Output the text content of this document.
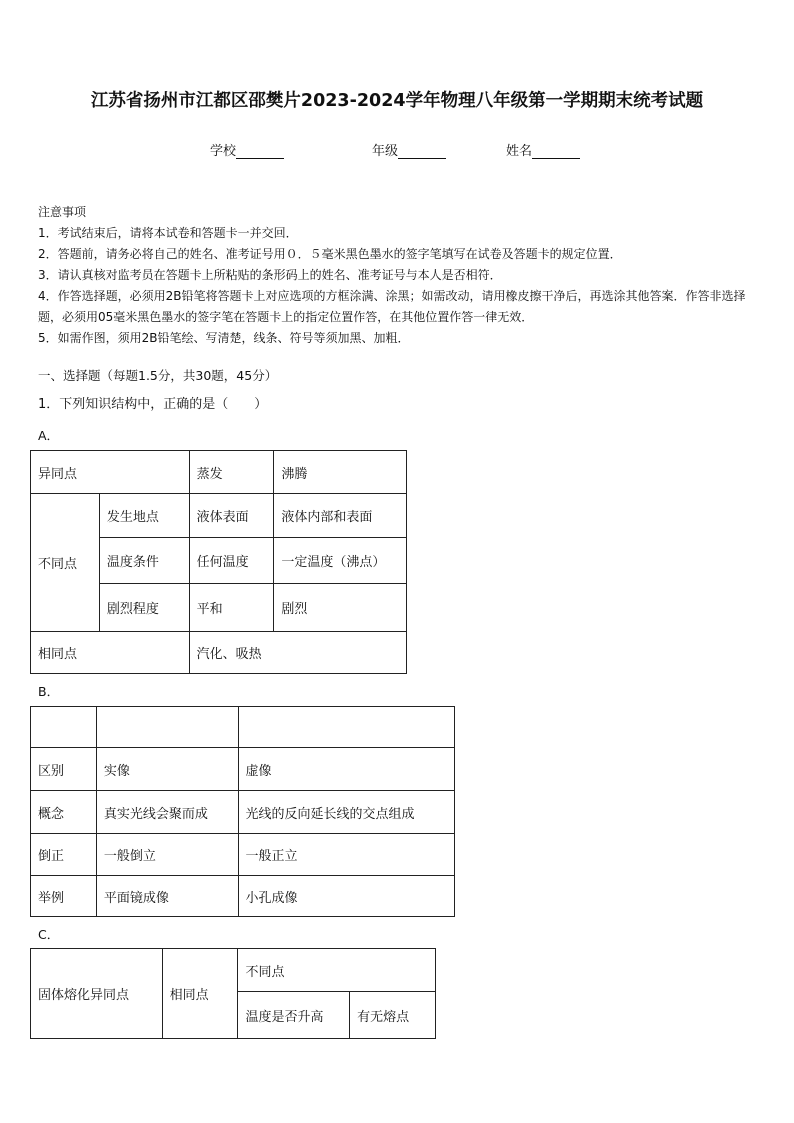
江苏省扬州市江都区邵樊片2023-2024学年物理八年级第一学期期末统考试题
学校	年级	姓名
注意事项
1．考试结束后，请将本试卷和答题卡一并交回．
2．答题前，请务必将自己的姓名、准考证号用０．５毫米黑色墨水的签字笔填写在试卷及答题卡的规定位置．
3．请认真核对监考员在答题卡上所粘贴的条形码上的姓名、准考证号与本人是否相符．
4．作答选择题，必须用2B铅笔将答题卡上对应选项的方框涂满、涂黑；如需改动，请用橡皮擦干净后，再选涂其他答案．作答非选择题，必须用05毫米黑色墨水的签字笔在答题卡上的指定位置作答，在其他位置作答一律无效．
5．如需作图，须用2B铅笔绘、写清楚，线条、符号等须加黑、加粗．
一、选择题（每题1.5分，共30题，45分）
1．下列知识结构中，正确的是（　　）
A．
异同点		蒸发	沸腾
不同点	发生地点	液体表面	液体内部和表面
	温度条件	任何温度	一定温度（沸点）
	剧烈程度	平和	剧烈
相同点		汽化、吸热	
B．

区别	实像	虚像
概念	真实光线会聚而成	光线的反向延长线的交点组成
倒正	一般倒立	一般正立
举例	平面镜成像	小孔成像
C．
固体熔化异同点	相同点	不同点	
		温度是否升高	有无熔点
